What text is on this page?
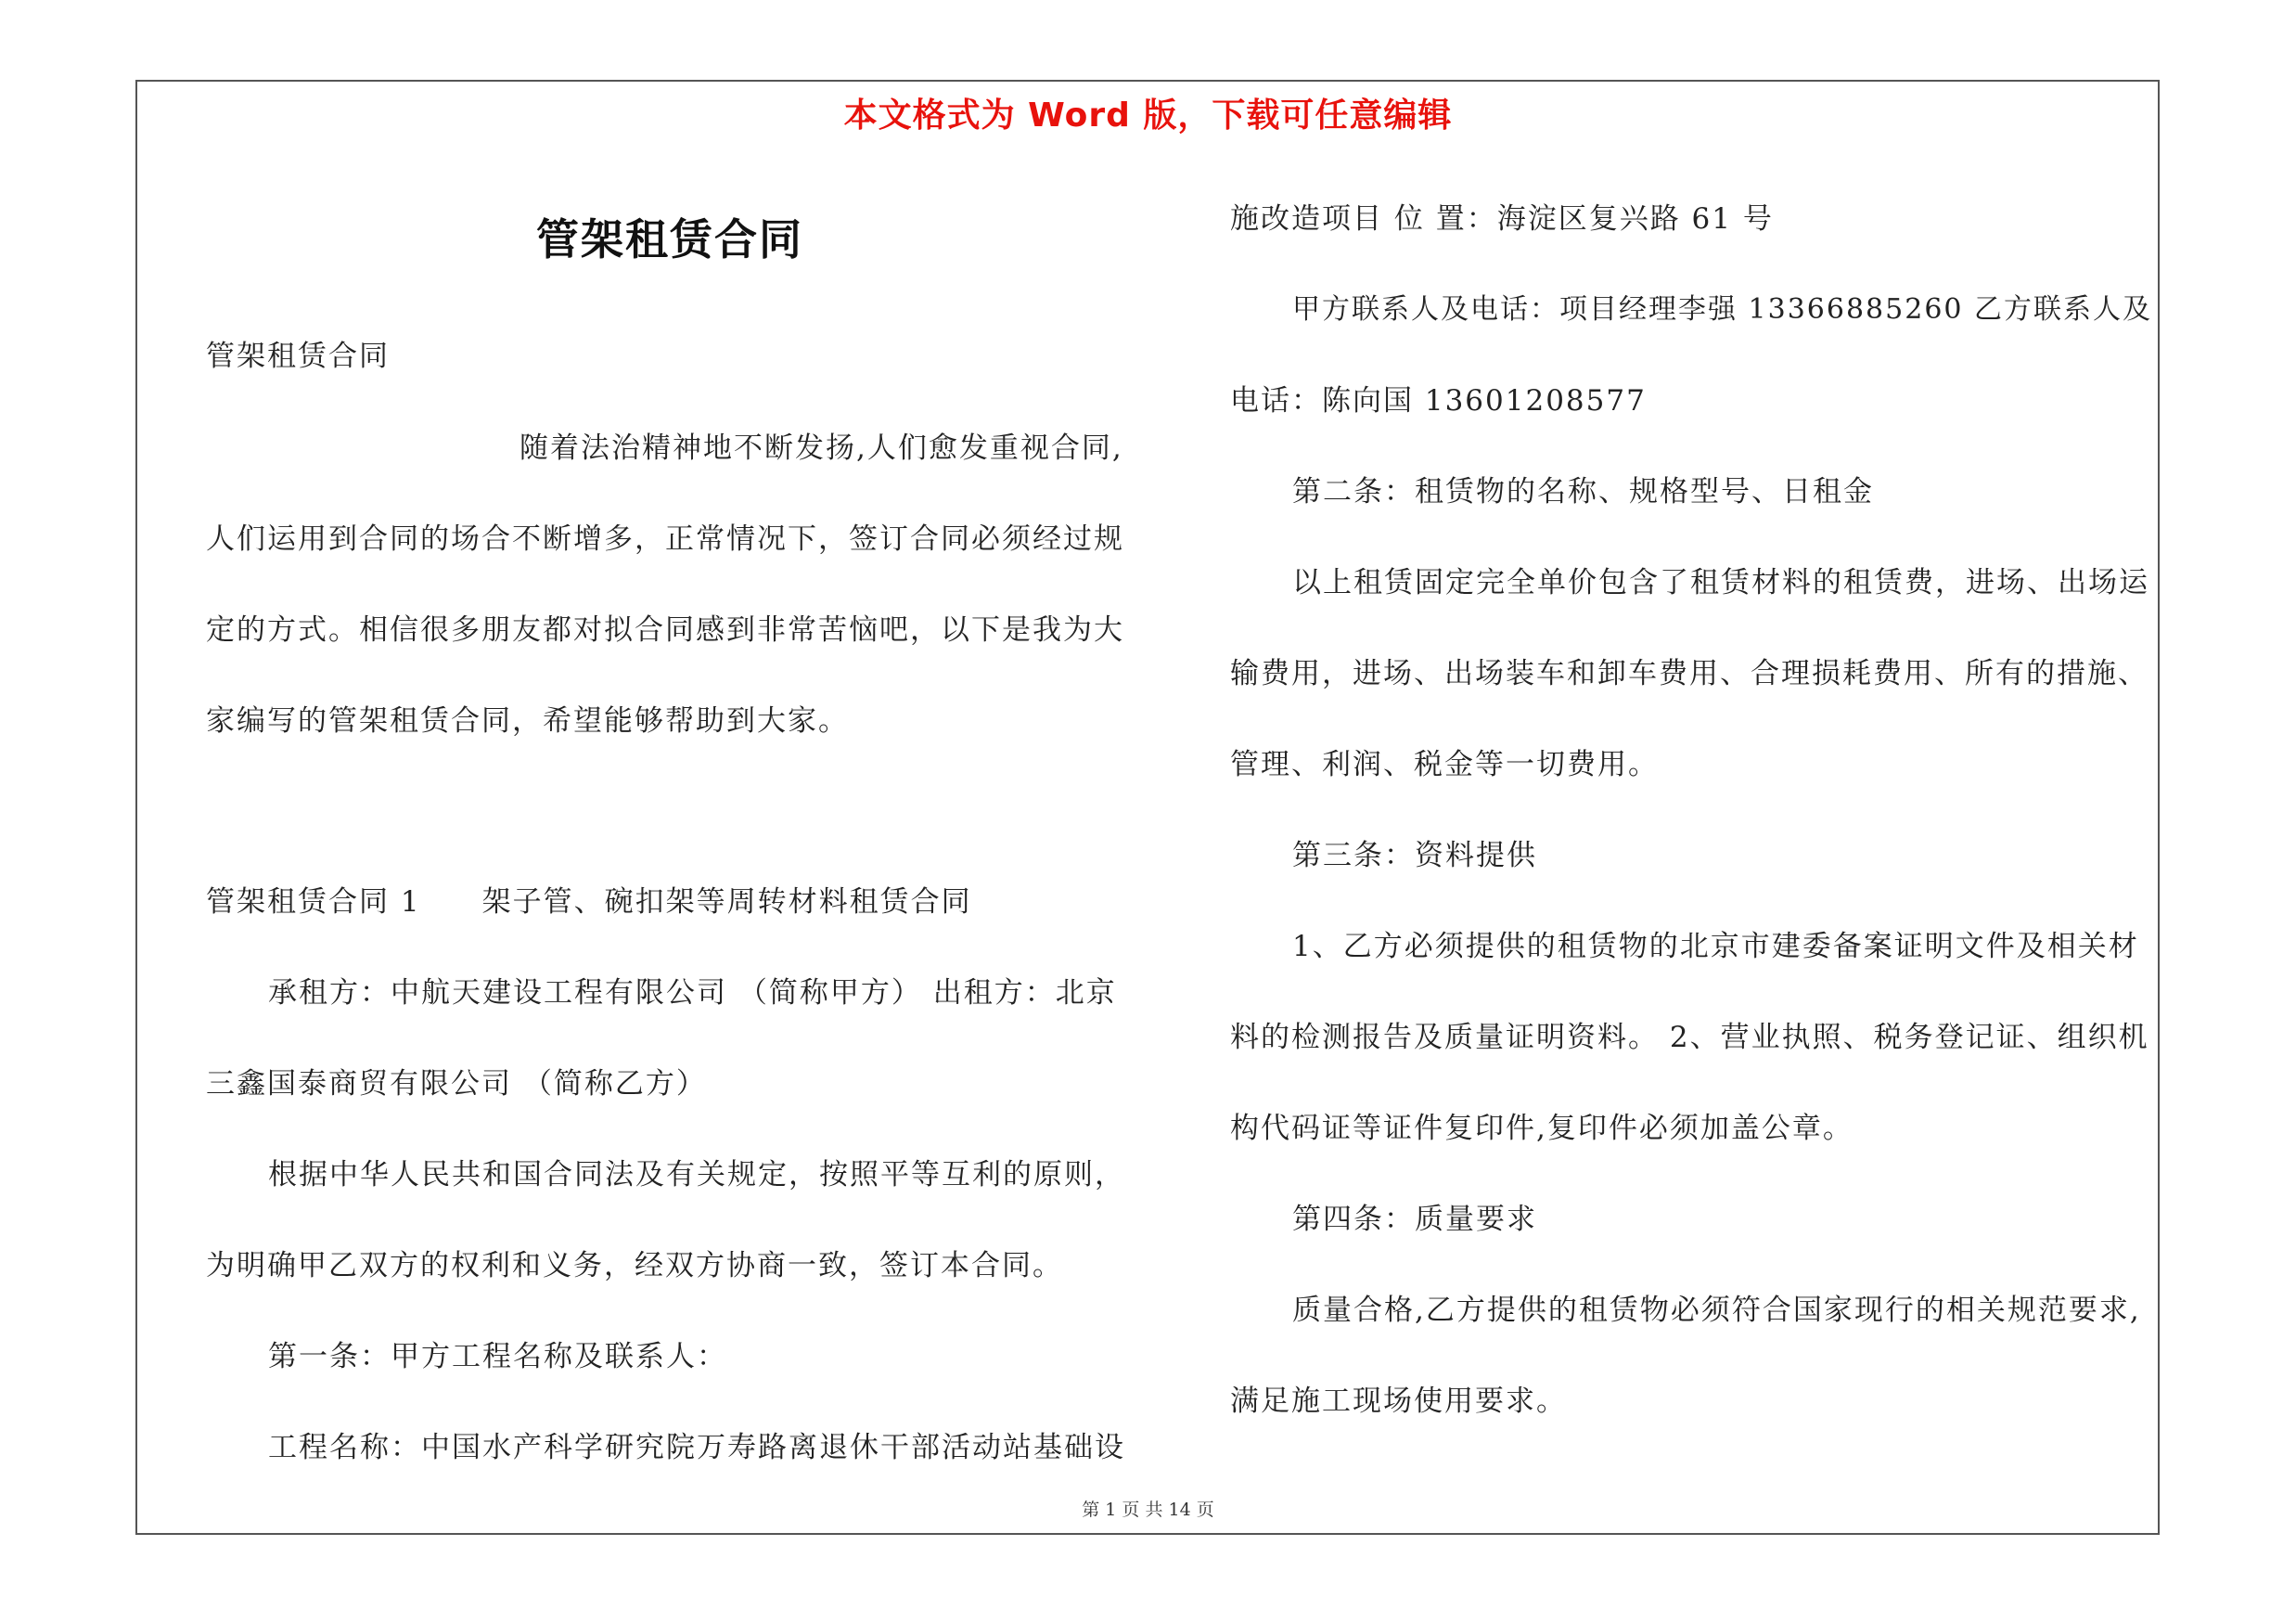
本文格式为 Word 版，下载可任意编辑
管架租赁合同
管架租赁合同
随着法治精神地不断发扬,人们愈发重视合同,
人们运用到合同的场合不断增多，正常情况下，签订合同必须经过规
定的方式。相信很多朋友都对拟合同感到非常苦恼吧，以下是我为大
家编写的管架租赁合同，希望能够帮助到大家。
管架租赁合同 1　　架子管、碗扣架等周转材料租赁合同
承租方：中航天建设工程有限公司 （简称甲方） 出租方：北京
三鑫国泰商贸有限公司 （简称乙方）
根据中华人民共和国合同法及有关规定，按照平等互利的原则，
为明确甲乙双方的权利和义务，经双方协商一致，签订本合同。
第一条：甲方工程名称及联系人：
工程名称：中国水产科学研究院万寿路离退休干部活动站基础设
施改造项目 位 置：海淀区复兴路 61 号
甲方联系人及电话：项目经理李强 13366885260 乙方联系人及
电话：陈向国 13601208577
第二条：租赁物的名称、规格型号、日租金
以上租赁固定完全单价包含了租赁材料的租赁费，进场、出场运
输费用，进场、出场装车和卸车费用、合理损耗费用、所有的措施、
管理、利润、税金等一切费用。
第三条：资料提供
1、乙方必须提供的租赁物的北京市建委备案证明文件及相关材
料的检测报告及质量证明资料。 2、营业执照、税务登记证、组织机
构代码证等证件复印件,复印件必须加盖公章。
第四条：质量要求
质量合格,乙方提供的租赁物必须符合国家现行的相关规范要求,
满足施工现场使用要求。
第 1 页 共 14 页
